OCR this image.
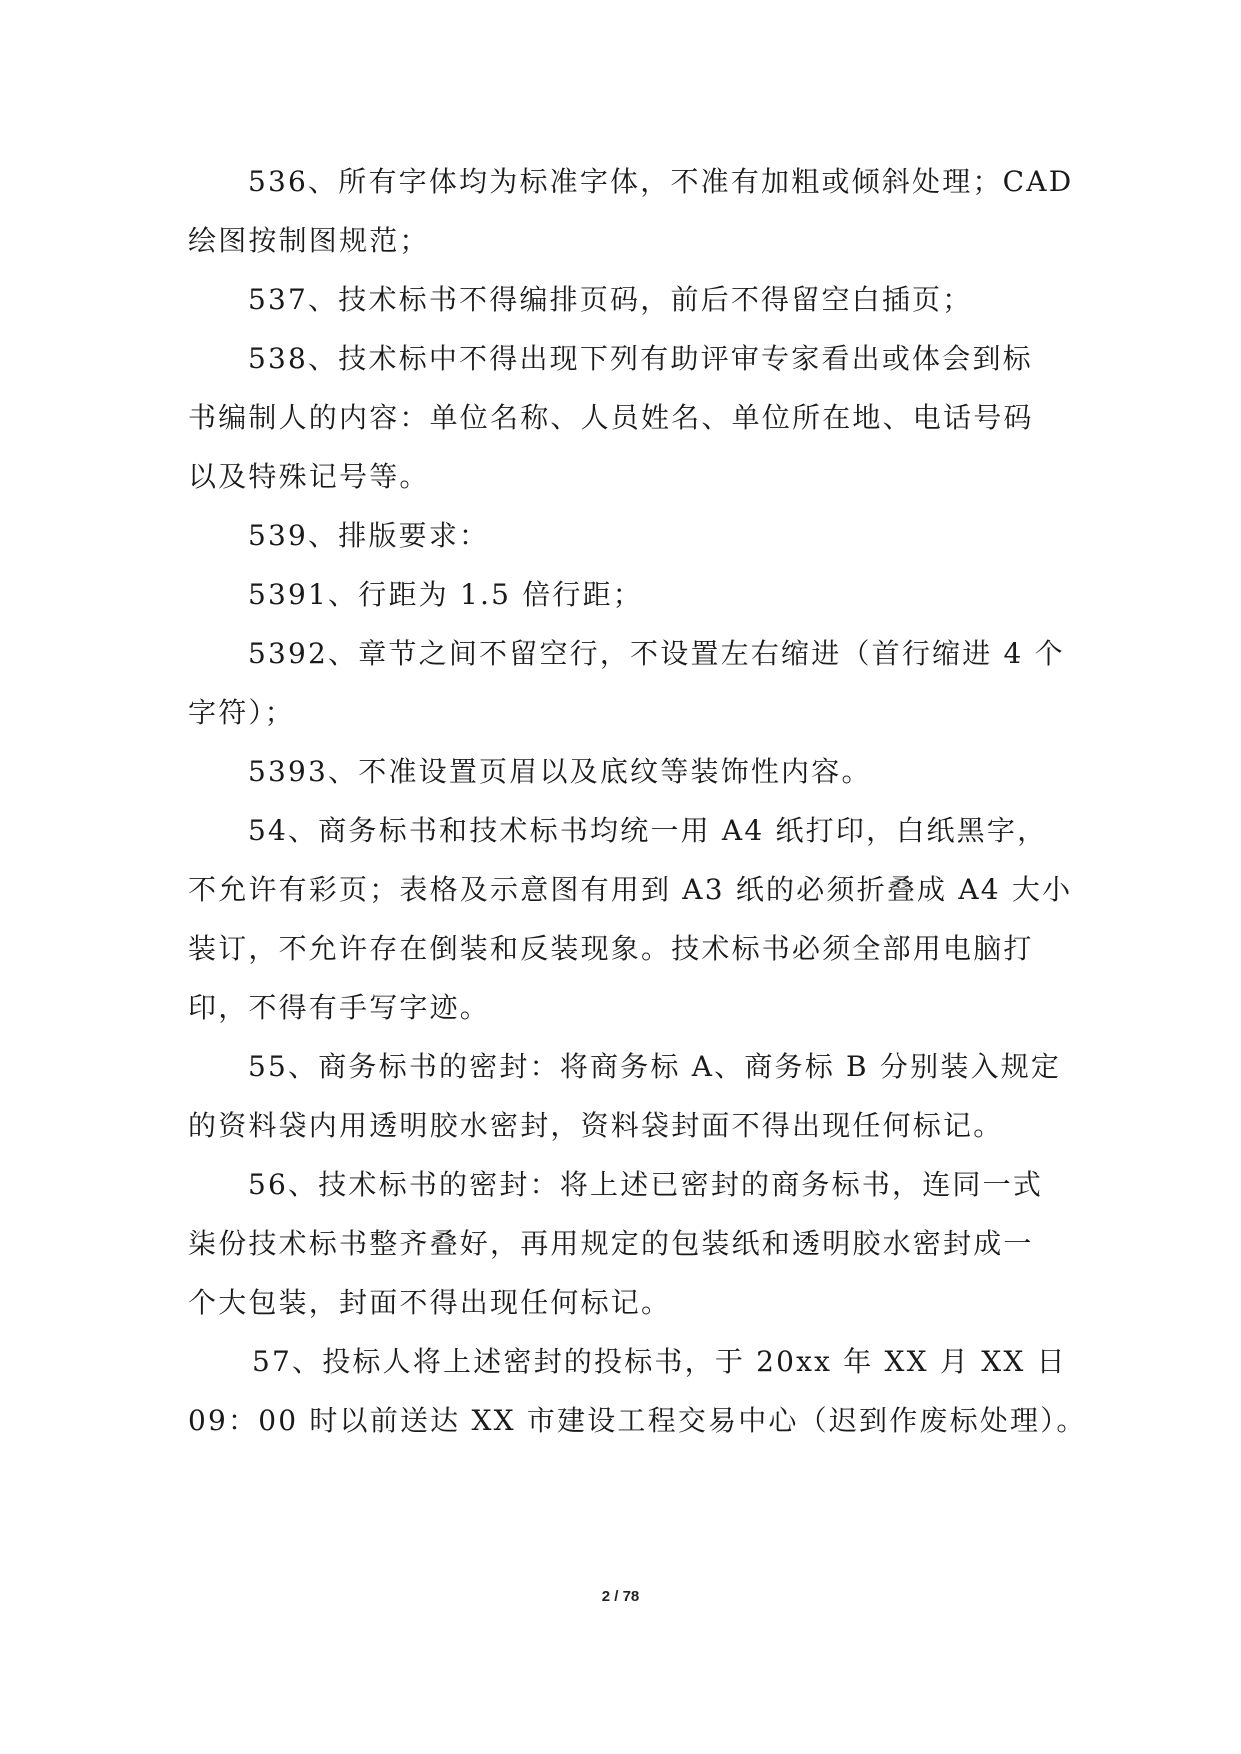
536、所有字体均为标准字体，不准有加粗或倾斜处理；CAD
绘图按制图规范；
537、技术标书不得编排页码，前后不得留空白插页；
538、技术标中不得出现下列有助评审专家看出或体会到标
书编制人的内容：单位名称、人员姓名、单位所在地、电话号码
以及特殊记号等。
539、排版要求：
5391、行距为 1.5 倍行距；
5392、章节之间不留空行，不设置左右缩进（首行缩进 4 个
字符）；
5393、不准设置页眉以及底纹等装饰性内容。
54、商务标书和技术标书均统一用 A4 纸打印，白纸黑字，
不允许有彩页；表格及示意图有用到 A3 纸的必须折叠成 A4 大小
装订，不允许存在倒装和反装现象。技术标书必须全部用电脑打
印，不得有手写字迹。
55、商务标书的密封：将商务标 A、商务标 B 分别装入规定
的资料袋内用透明胶水密封，资料袋封面不得出现任何标记。
56、技术标书的密封：将上述已密封的商务标书，连同一式
柒份技术标书整齐叠好，再用规定的包装纸和透明胶水密封成一
个大包装，封面不得出现任何标记。
57、投标人将上述密封的投标书，于 20xx 年 XX 月 XX 日
09：00 时以前送达 XX 市建设工程交易中心（迟到作废标处理）。
2 / 78
